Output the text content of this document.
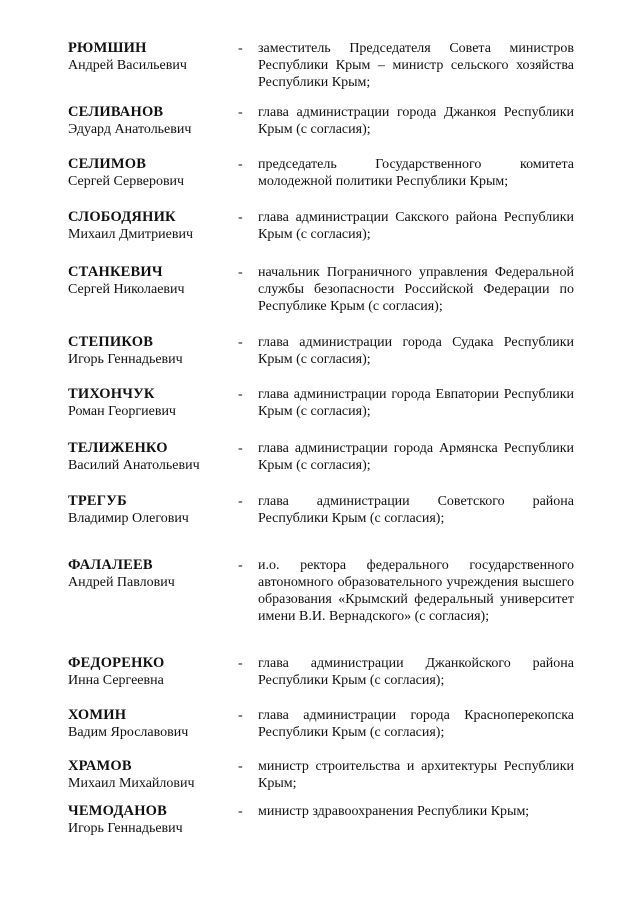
РЮМШИН
Андрей Васильевич
- заместитель Председателя Совета министров Республики Крым – министр сельского хозяйства Республики Крым;
СЕЛИВАНОВ
Эдуард Анатольевич
- глава администрации города Джанкоя Республики Крым (с согласия);
СЕЛИМОВ
Сергей Серверович
- председатель Государственного комитета молодежной политики Республики Крым;
СЛОБОДЯНИК
Михаил Дмитриевич
- глава администрации Сакского района Республики Крым (с согласия);
СТАНКЕВИЧ
Сергей Николаевич
- начальник Пограничного управления Федеральной службы безопасности Российской Федерации по Республике Крым (с согласия);
СТЕПИКОВ
Игорь Геннадьевич
- глава администрации города Судака Республики Крым (с согласия);
ТИХОНЧУК
Роман Георгиевич
- глава администрации города Евпатории Республики Крым (с согласия);
ТЕЛИЖЕНКО
Василий Анатольевич
- глава администрации города Армянска Республики Крым (с согласия);
ТРЕГУБ
Владимир Олегович
- глава администрации Советского района Республики Крым (с согласия);
ФАЛАЛЕЕВ
Андрей Павлович
- и.о. ректора федерального государственного автономного образовательного учреждения высшего образования «Крымский федеральный университет имени В.И. Вернадского» (с согласия);
ФЕДОРЕНКО
Инна Сергеевна
- глава администрации Джанкойского района Республики Крым (с согласия);
ХОМИН
Вадим Ярославович
- глава администрации города Красноперекопска Республики Крым (с согласия);
ХРАМОВ
Михаил Михайлович
- министр строительства и архитектуры Республики Крым;
ЧЕМОДАНОВ
Игорь Геннадьевич
- министр здравоохранения Республики Крым;
